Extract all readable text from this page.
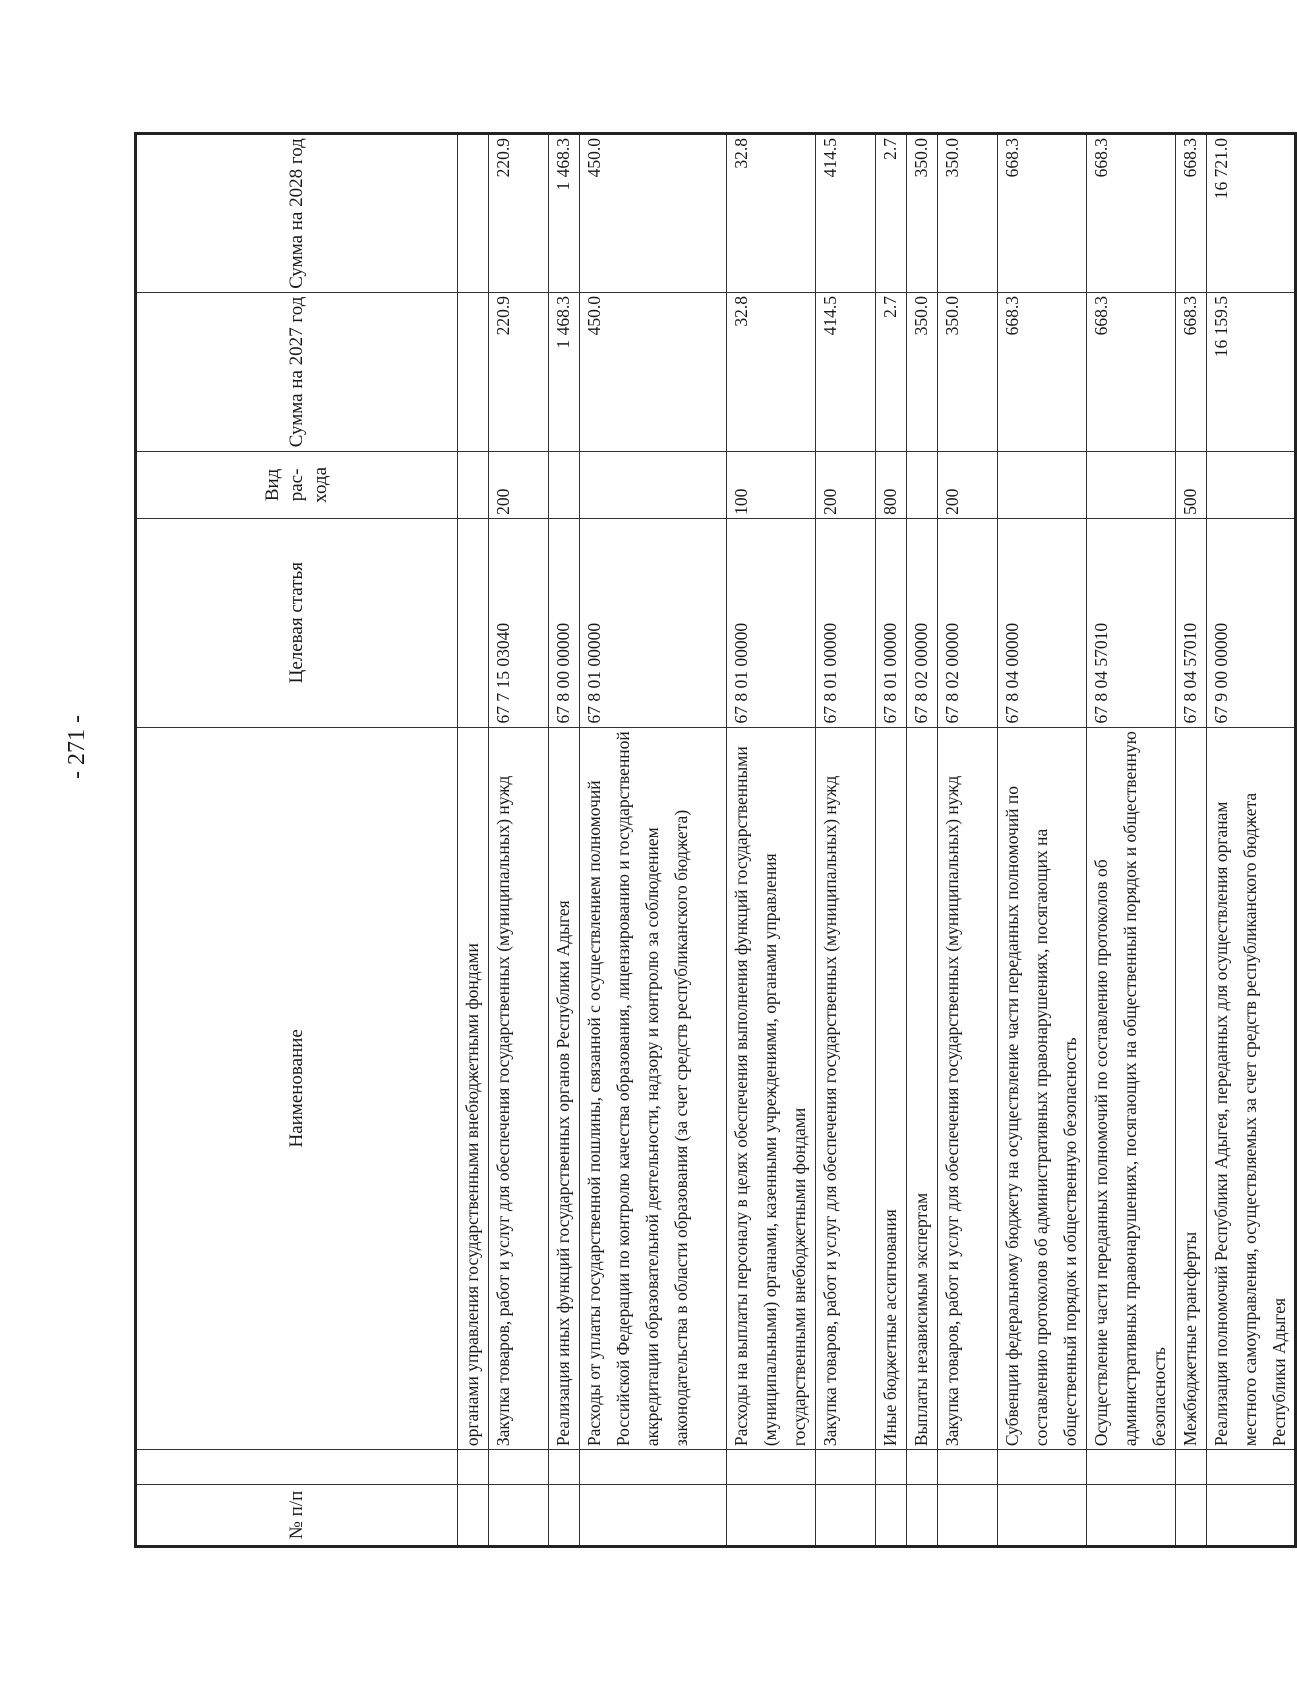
- 271 -
№ п/п		Наименование	Целевая статья	Вид рас-хода	Сумма на 2027 год	Сумма на 2028 год
		органами управления государственными внебюджетными фондами				
		Закупка товаров, работ и услуг для обеспечения государственных (муниципальных) нужд	67 7 15 03040	200	220.9	220.9
		Реализация иных функций государственных органов Республики Адыгея	67 8 00 00000		1 468.3	1 468.3
		Расходы от уплаты государственной пошлины, связанной с осуществлением полномочий Российской Федерации по контролю качества образования, лицензированию и государственной аккредитации образовательной деятельности, надзору и контролю за соблюдением законодательства в области образования (за счет средств республиканского бюджета)	67 8 01 00000		450.0	450.0
		Расходы на выплаты персоналу в целях обеспечения выполнения функций государственными (муниципальными) органами, казенными учреждениями, органами управления государственными внебюджетными фондами	67 8 01 00000	100	32.8	32.8
		Закупка товаров, работ и услуг для обеспечения государственных (муниципальных) нужд	67 8 01 00000	200	414.5	414.5
		Иные бюджетные ассигнования	67 8 01 00000	800	2.7	2.7
		Выплаты независимым экспертам	67 8 02 00000		350.0	350.0
		Закупка товаров, работ и услуг для обеспечения государственных (муниципальных) нужд	67 8 02 00000	200	350.0	350.0
		Субвенции федеральному бюджету на осуществление части переданных полномочий по составлению протоколов об административных правонарушениях, посягающих на общественный порядок и общественную безопасность	67 8 04 00000		668.3	668.3
		Осуществление части переданных полномочий по составлению протоколов об административных правонарушениях, посягающих на общественный порядок и общественную безопасность	67 8 04 57010		668.3	668.3
		Межбюджетные трансферты	67 8 04 57010	500	668.3	668.3
		Реализация полномочий Республики Адыгея, переданных для осуществления органам местного самоуправления, осуществляемых за счет средств республиканского бюджета Республики Адыгея	67 9 00 00000		16 159.5	16 721.0
